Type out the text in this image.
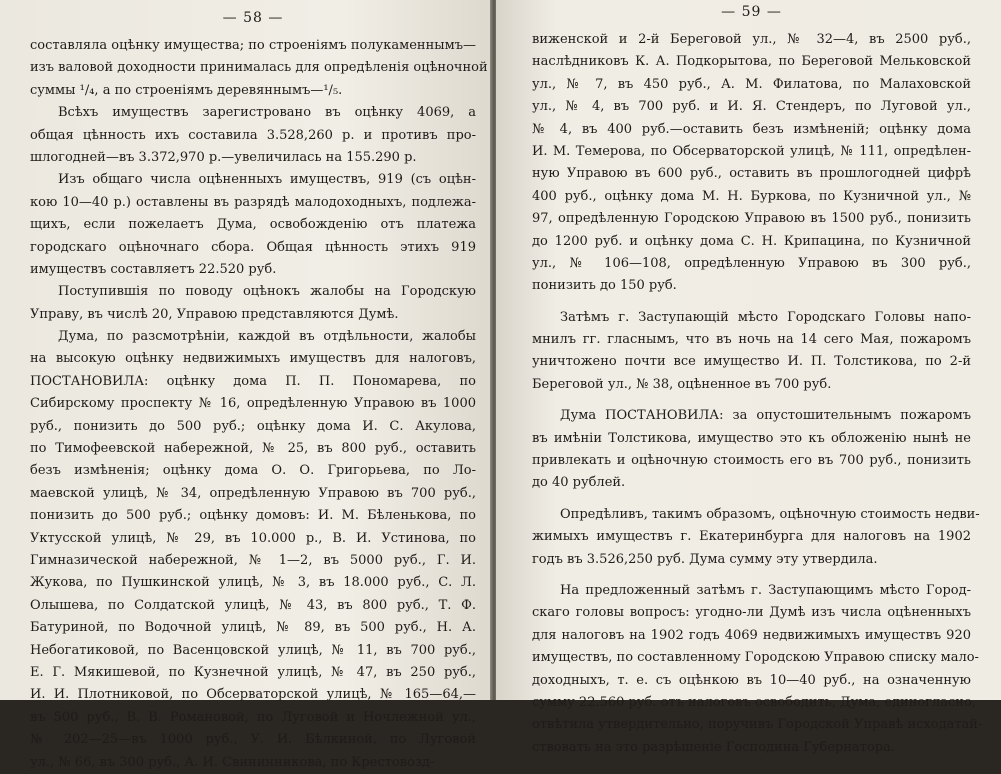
— 58 —
составляла оцѣнку имущества; по строеніямъ полукаменнымъ—
изъ валовой доходности принималась для опредѣленія оцѣночной
суммы ¹/₄, а по строеніямъ деревяннымъ—¹/₅.
Всѣхъ имуществъ зарегистровано въ оцѣнку 4069, а
общая цѣнность ихъ составила 3.528,260 р. и противъ про-
шлогодней—въ 3.372,970 р.—увеличилась на 155.290 р.
Изъ общаго числа оцѣненныхъ имуществъ, 919 (съ оцѣн-
кою 10—40 р.) оставлены въ разрядѣ малодоходныхъ, подлежа-
щихъ, если пожелаетъ Дума, освобожденію отъ платежа
городскаго оцѣночнаго сбора. Общая цѣнность этихъ 919
имуществъ составляетъ 22.520 руб.
Поступившія по поводу оцѣнокъ жалобы на Городскую
Управу, въ числѣ 20, Управою представляются Думѣ.
Дума, по разсмотрѣніи, каждой въ отдѣльности, жалобы
на высокую оцѣнку недвижимыхъ имуществъ для налоговъ,
ПОСТАНОВИЛА: оцѣнку дома П. П. Пономарева, по
Сибирскому проспекту № 16, опредѣленную Управою въ 1000
руб., понизить до 500 руб.; оцѣнку дома И. С. Акулова,
по Тимофеевской набережной, № 25, въ 800 руб., оставить
безъ измѣненія; оцѣнку дома О. О. Григорьева, по Ло-
маевской улицѣ, № 34, опредѣленную Управою въ 700 руб.,
понизить до 500 руб.; оцѣнку домовъ: И. М. Бѣленькова, по
Уктусской улицѣ, № 29, въ 10.000 р., В. И. Устинова, по
Гимназической набережной, № 1—2, въ 5000 руб., Г. И.
Жукова, по Пушкинской улицѣ, № 3, въ 18.000 руб., С. Л.
Олышева, по Солдатской улицѣ, № 43, въ 800 руб., Т. Ф.
Батуриной, по Водочной улицѣ, № 89, въ 500 руб., Н. А.
Небогатиковой, по Васенцовской улицѣ, № 11, въ 700 руб.,
Е. Г. Мякишевой, по Кузнечной улицѣ, № 47, въ 250 руб.,
И. И. Плотниковой, по Обсерваторской улицѣ, № 165—64,—
въ 500 руб., В. В. Романовой, по Луговой и Ночлежной ул.,
№ 202—25—въ 1000 руб., У. И. Бѣлкиной, по Луговой
ул., № 66, въ 300 руб., А. И. Свининникова, по Крестовозд-
— 59 —
виженской и 2-й Береговой ул., № 32—4, въ 2500 руб.,
наслѣдниковъ К. А. Подкорытова, по Береговой Мельковской
ул., № 7, въ 450 руб., А. М. Филатова, по Малаховской
ул., № 4, въ 700 руб. и И. Я. Стендеръ, по Луговой ул.,
№ 4, въ 400 руб.—оставить безъ измѣненій; оцѣнку дома
И. М. Темерова, по Обсерваторской улицѣ, № 111, опредѣлен-
ную Управою въ 600 руб., оставить въ прошлогодней цифрѣ
400 руб., оцѣнку дома М. Н. Буркова, по Кузничной ул., №
97, опредѣленную Городскою Управою въ 1500 руб., понизить
до 1200 руб. и оцѣнку дома С. Н. Крипацина, по Кузничной
ул., № 106—108, опредѣленную Управою въ 300 руб.,
понизить до 150 руб.
Затѣмъ г. Заступающій мѣсто Городскаго Головы напо-
мнилъ гг. гласнымъ, что въ ночь на 14 сего Мая, пожаромъ
уничтожено почти все имущество И. П. Толстикова, по 2-й
Береговой ул., № 38, оцѣненное въ 700 руб.
Дума ПОСТАНОВИЛА: за опустошительнымъ пожаромъ
въ имѣніи Толстикова, имущество это къ обложенію нынѣ не
привлекать и оцѣночную стоимость его въ 700 руб., понизить
до 40 рублей.
Опредѣливъ, такимъ образомъ, оцѣночную стоимость недви-
жимыхъ имуществъ г. Екатеринбурга для налоговъ на 1902
годъ въ 3.526,250 руб. Дума сумму эту утвердила.
На предложенный затѣмъ г. Заступающимъ мѣсто Город-
скаго головы вопросъ: угодно-ли Думѣ изъ числа оцѣненныхъ
для налоговъ на 1902 годъ 4069 недвижимыхъ имуществъ 920
имуществъ, по составленному Городскою Управою списку мало-
доходныхъ, т. е. съ оцѣнкою въ 10—40 руб., на означенную
сумму 22.560 руб. отъ налоговъ освободить, Дума, единогласно,
отвѣтила утвердительно, поручивъ Городской Управѣ исходатай-
ствовать на это разрѣшеніе Господина Губернатора.
